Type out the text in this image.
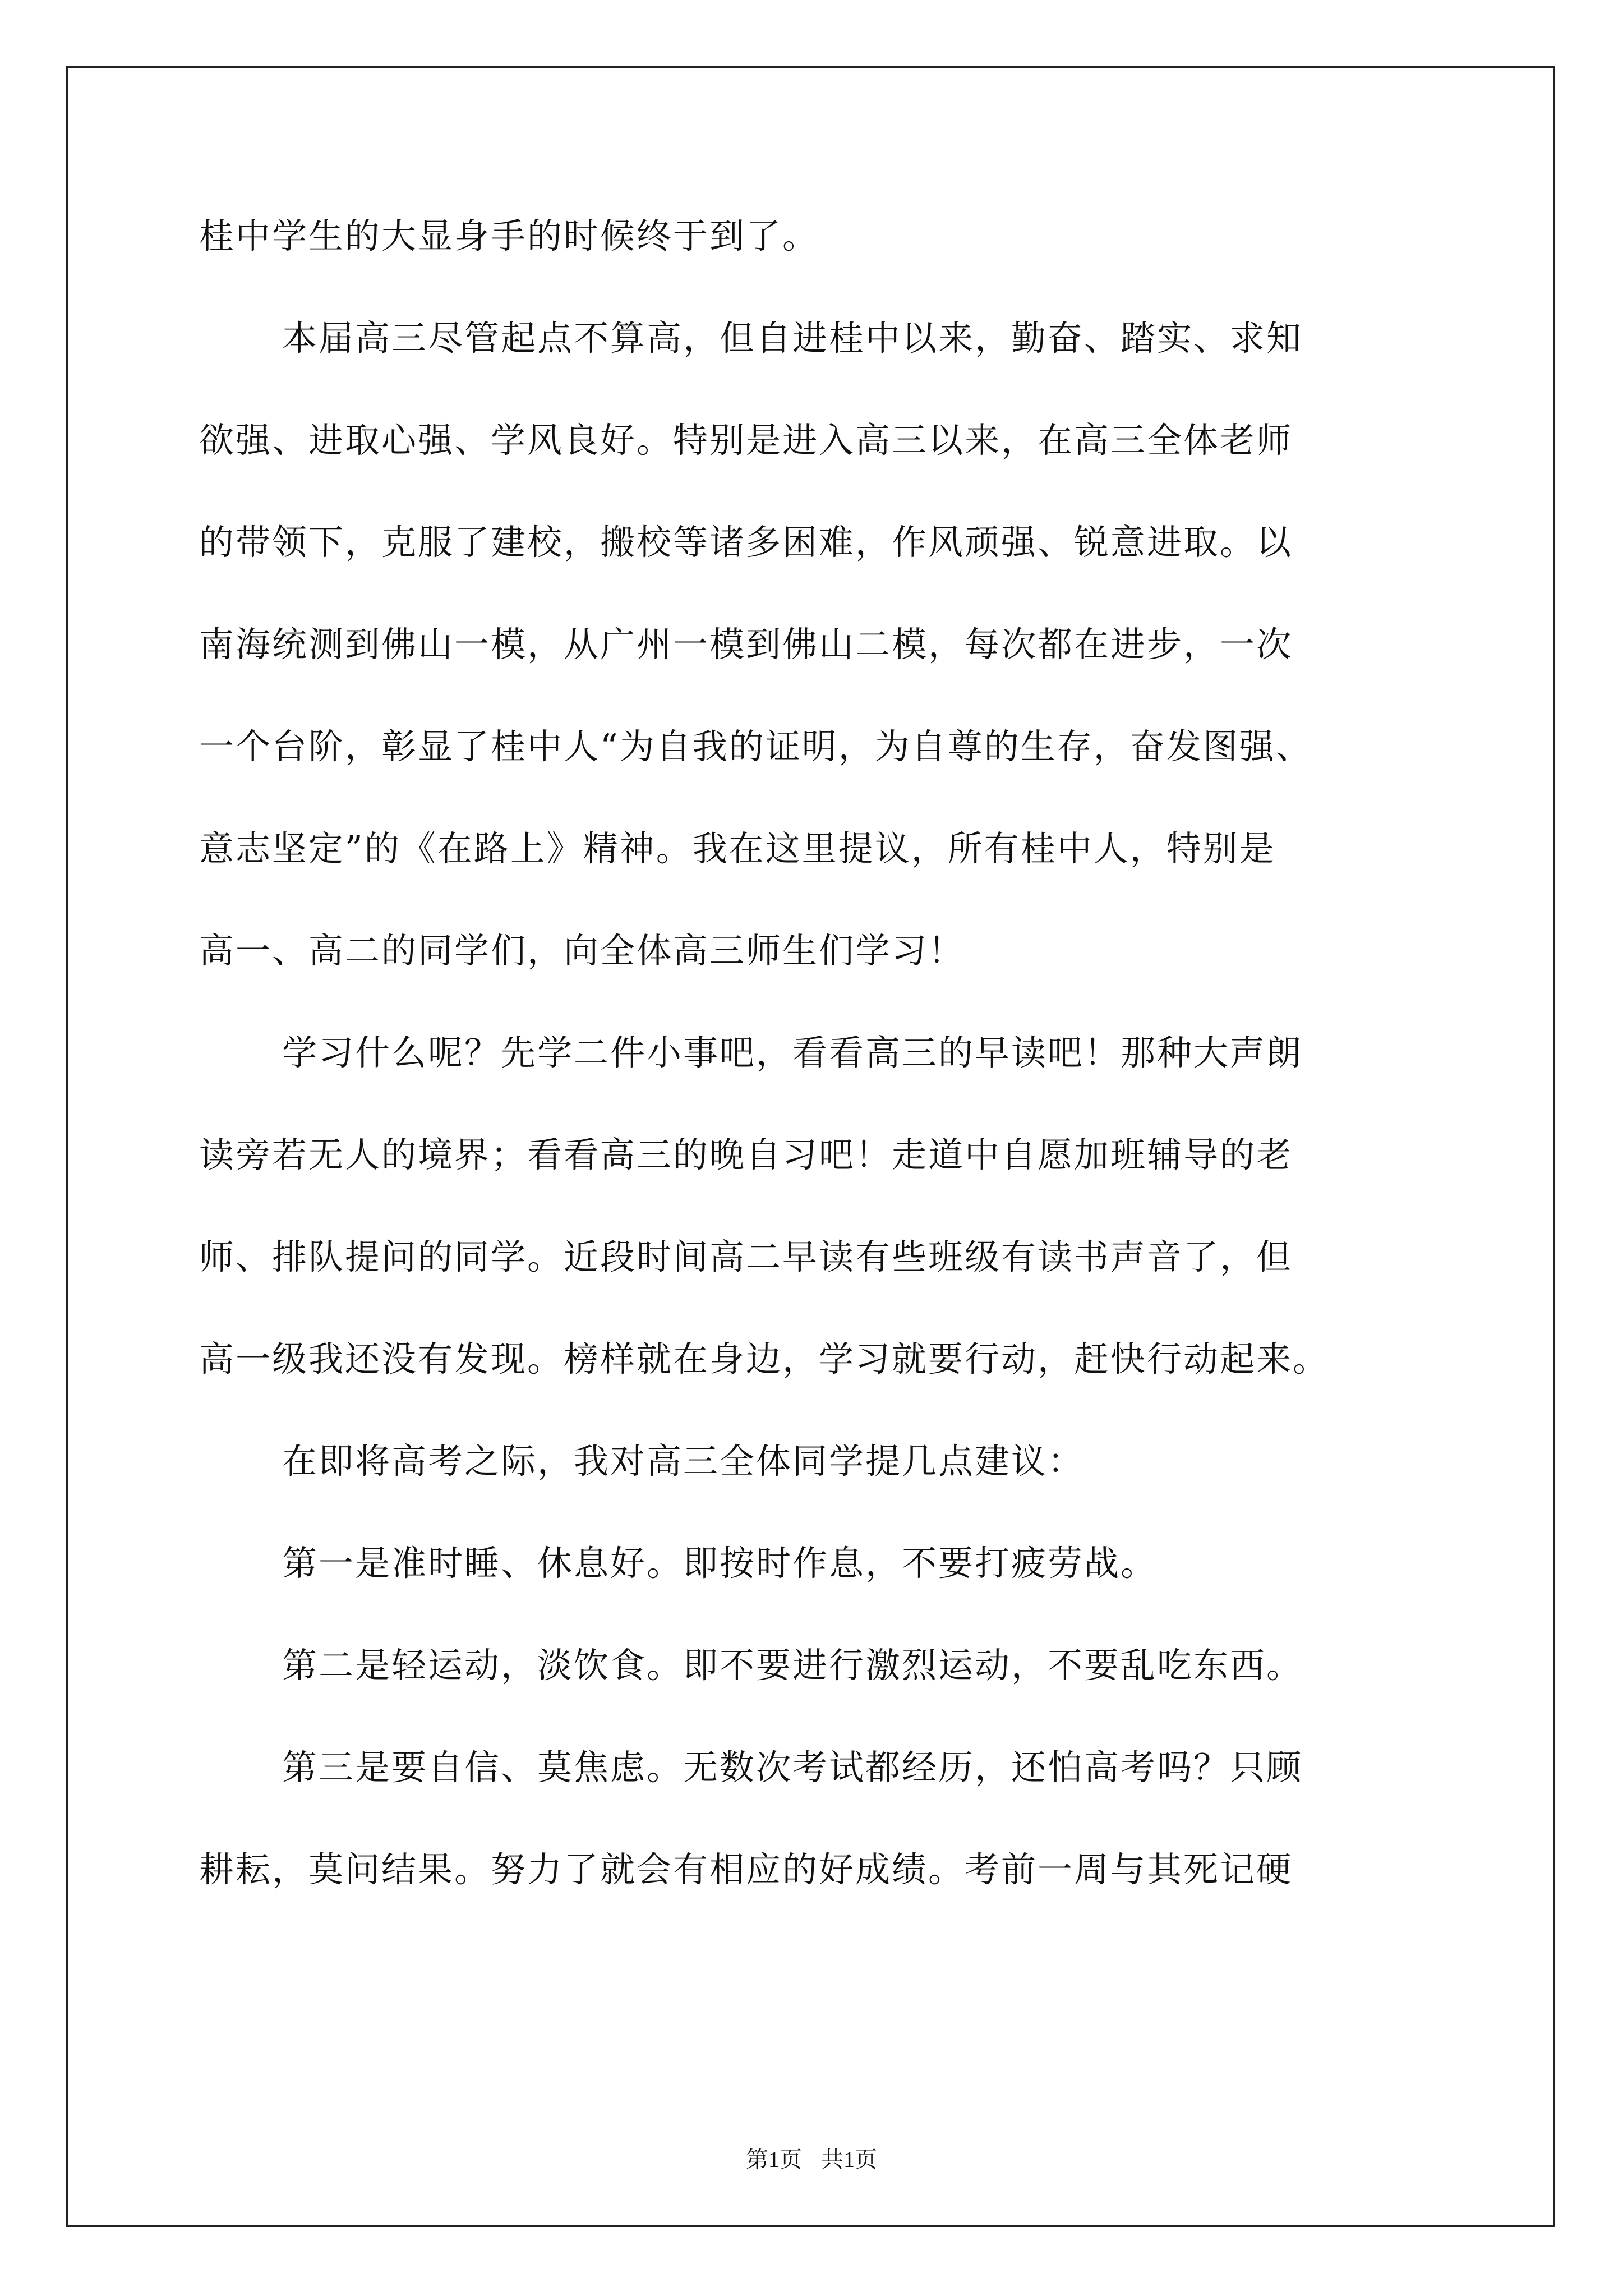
桂中学生的大显身手的时候终于到了。
本届高三尽管起点不算高，但自进桂中以来，勤奋、踏实、求知
欲强、进取心强、学风良好。特别是进入高三以来，在高三全体老师
的带领下，克服了建校，搬校等诸多困难，作风顽强、锐意进取。以
南海统测到佛山一模，从广州一模到佛山二模，每次都在进步，一次
一个台阶，彰显了桂中人“为自我的证明，为自尊的生存，奋发图强、
意志坚定”的《在路上》精神。我在这里提议，所有桂中人，特别是
高一、高二的同学们，向全体高三师生们学习！
学习什么呢？先学二件小事吧，看看高三的早读吧！那种大声朗
读旁若无人的境界；看看高三的晚自习吧！走道中自愿加班辅导的老
师、排队提问的同学。近段时间高二早读有些班级有读书声音了，但
高一级我还没有发现。榜样就在身边，学习就要行动，赶快行动起来。
在即将高考之际，我对高三全体同学提几点建议：
第一是准时睡、休息好。即按时作息，不要打疲劳战。
第二是轻运动，淡饮食。即不要进行激烈运动，不要乱吃东西。
第三是要自信、莫焦虑。无数次考试都经历，还怕高考吗？只顾
耕耘，莫问结果。努力了就会有相应的好成绩。考前一周与其死记硬
第1页 共1页
